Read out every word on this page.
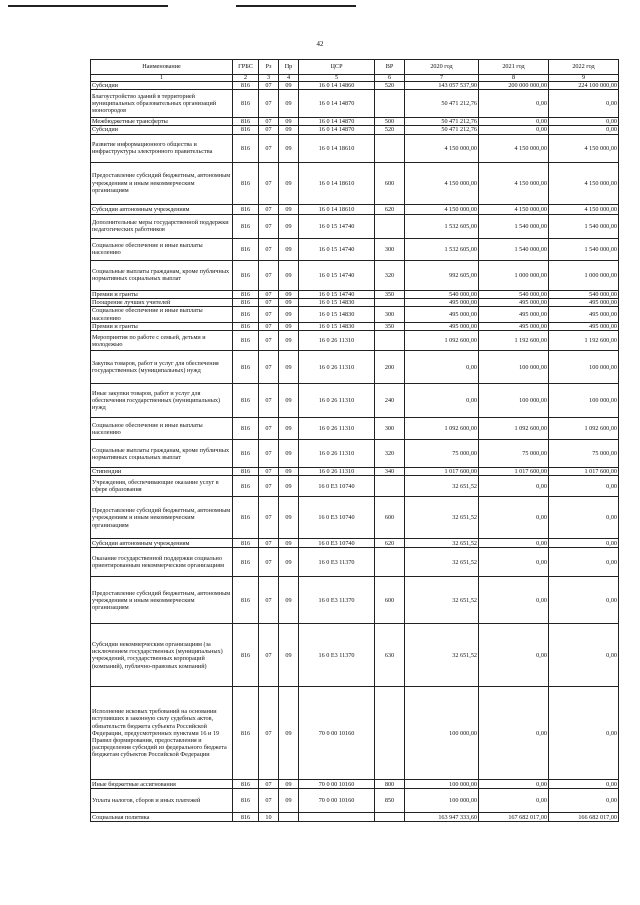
42
Наименование	ГРБС	Рз	Пр	ЦСР	ВР	2020 год	2021 год	2022 год
1	2	3	4	5	6	7	8	9
Субсидии	816	07	09	16 0 14 14860	520	143 057 537,90	200 000 000,00	224 100 000,00
Благоустройство зданий в территорией муниципальных образовательных организаций моногородов	816	07	09	16 0 14 14870		50 471 212,76	0,00	0,00
Межбюджетные трансферты	816	07	09	16 0 14 14870	500	50 471 212,76	0,00	0,00
Субсидии	816	07	09	16 0 14 14870	520	50 471 212,76	0,00	0,00
Развитие информационного общества и инфраструктуры электронного правительства	816	07	09	16 0 14 18610		4 150 000,00	4 150 000,00	4 150 000,00
Предоставление субсидий бюджетным, автономным учреждениям и иным некоммерческим организациям	816	07	09	16 0 14 18610	600	4 150 000,00	4 150 000,00	4 150 000,00
Субсидии автономным учреждениям	816	07	09	16 0 14 18610	620	4 150 000,00	4 150 000,00	4 150 000,00
Дополнительные меры государственной поддержки педагогических работников	816	07	09	16 0 15 14740		1 532 605,00	1 540 000,00	1 540 000,00
Социальное обеспечение и иные выплаты населению	816	07	09	16 0 15 14740	300	1 532 605,00	1 540 000,00	1 540 000,00
Социальные выплаты гражданам, кроме публичных нормативных социальных выплат	816	07	09	16 0 15 14740	320	992 605,00	1 000 000,00	1 000 000,00
Премии и гранты	816	07	09	16 0 15 14740	350	540 000,00	540 000,00	540 000,00
Поощрение лучших учителей	816	07	09	16 0 15 14830		495 000,00	495 000,00	495 000,00
Социальное обеспечение и иные выплаты населению	816	07	09	16 0 15 14830	300	495 000,00	495 000,00	495 000,00
Премии и гранты	816	07	09	16 0 15 14830	350	495 000,00	495 000,00	495 000,00
Мероприятия по работе с семьей, детьми и молодежью	816	07	09	16 0 26 11310		1 092 600,00	1 192 600,00	1 192 600,00
Закупка товаров, работ и услуг для обеспечения государственных (муниципальных) нужд	816	07	09	16 0 26 11310	200	0,00	100 000,00	100 000,00
Иные закупки товаров, работ и услуг для обеспечения государственных (муниципальных) нужд	816	07	09	16 0 26 11310	240	0,00	100 000,00	100 000,00
Социальное обеспечение и иные выплаты населению	816	07	09	16 0 26 11310	300	1 092 600,00	1 092 600,00	1 092 600,00
Социальные выплаты гражданам, кроме публичных нормативных социальных выплат	816	07	09	16 0 26 11310	320	75 000,00	75 000,00	75 000,00
Стипендии	816	07	09	16 0 26 11310	340	1 017 600,00	1 017 600,00	1 017 600,00
Учреждения, обеспечивающие оказание услуг в сфере образования	816	07	09	16 0 E3 10740		32 651,52	0,00	0,00
Предоставление субсидий бюджетным, автономным учреждениям и иным некоммерческим организациям	816	07	09	16 0 E3 10740	600	32 651,52	0,00	0,00
Субсидии автономным учреждениям	816	07	09	16 0 E3 10740	620	32 651,52	0,00	0,00
Оказание государственной поддержки социально ориентированным некоммерческим организациям	816	07	09	16 0 E3 11370		32 651,52	0,00	0,00
Предоставление субсидий бюджетным, автономным учреждениям и иным некоммерческим организациям	816	07	09	16 0 E3 11370	600	32 651,52	0,00	0,00
Субсидии некоммерческим организациям (за исключением государственных (муниципальных) учреждений, государственных корпораций (компаний), публично-правовых компаний)	816	07	09	16 0 E3 11370	630	32 651,52	0,00	0,00
Исполнение исковых требований на основании вступивших в законную силу судебных актов, обязательств бюджета субъекта Российской Федерации, предусмотренных пунктами 16 и 19 Правил формирования, предоставления и распределения субсидий из федерального бюджета бюджетам субъектов Российской Федерации	816	07	09	70 0 00 10160		100 000,00	0,00	0,00
Иные бюджетные ассигнования	816	07	09	70 0 00 10160	800	100 000,00	0,00	0,00
Уплата налогов, сборов и иных платежей	816	07	09	70 0 00 10160	850	100 000,00	0,00	0,00
Социальная политика	816	10				163 947 333,60	167 682 017,00	166 682 017,00
